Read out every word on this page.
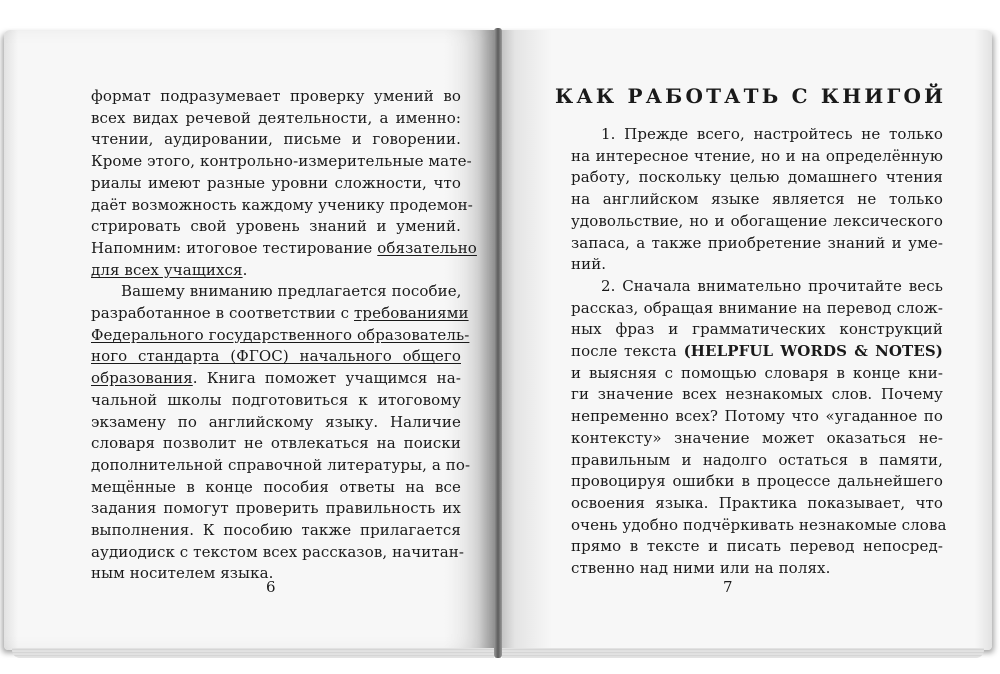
формат подразумевает проверку умений во
всех видах речевой деятельности, а именно:
чтении, аудировании, письме и говорении.
Кроме этого, контрольно-измерительные мате-
риалы имеют разные уровни сложности, что
даёт возможность каждому ученику продемон-
стрировать свой уровень знаний и умений.
Напомним: итоговое тестирование обязательно
для всех учащихся.
Вашему вниманию предлагается пособие,
разработанное в соответствии с требованиями
Федерального государственного образователь-
ного стандарта (ФГОС) начального общего
образования. Книга поможет учащимся на-
чальной школы подготовиться к итоговому
экзамену по английскому языку. Наличие
словаря позволит не отвлекаться на поиски
дополнительной справочной литературы, а по-
мещённые в конце пособия ответы на все
задания помогут проверить правильность их
выполнения. К пособию также прилагается
аудиодиск с текстом всех рассказов, начитан-
ным носителем языка.
6
КАК РАБОТАТЬ С КНИГОЙ
1. Прежде всего, настройтесь не только
на интересное чтение, но и на определённую
работу, поскольку целью домашнего чтения
на английском языке является не только
удовольствие, но и обогащение лексического
запаса, а также приобретение знаний и уме-
ний.
2. Сначала внимательно прочитайте весь
рассказ, обращая внимание на перевод слож-
ных фраз и грамматических конструкций
после текста (HELPFUL WORDS & NOTES)
и выясняя с помощью словаря в конце кни-
ги значение всех незнакомых слов. Почему
непременно всех? Потому что «угаданное по
контексту» значение может оказаться не-
правильным и надолго остаться в памяти,
провоцируя ошибки в процессе дальнейшего
освоения языка. Практика показывает, что
очень удобно подчёркивать незнакомые слова
прямо в тексте и писать перевод непосред-
ственно над ними или на полях.
7
